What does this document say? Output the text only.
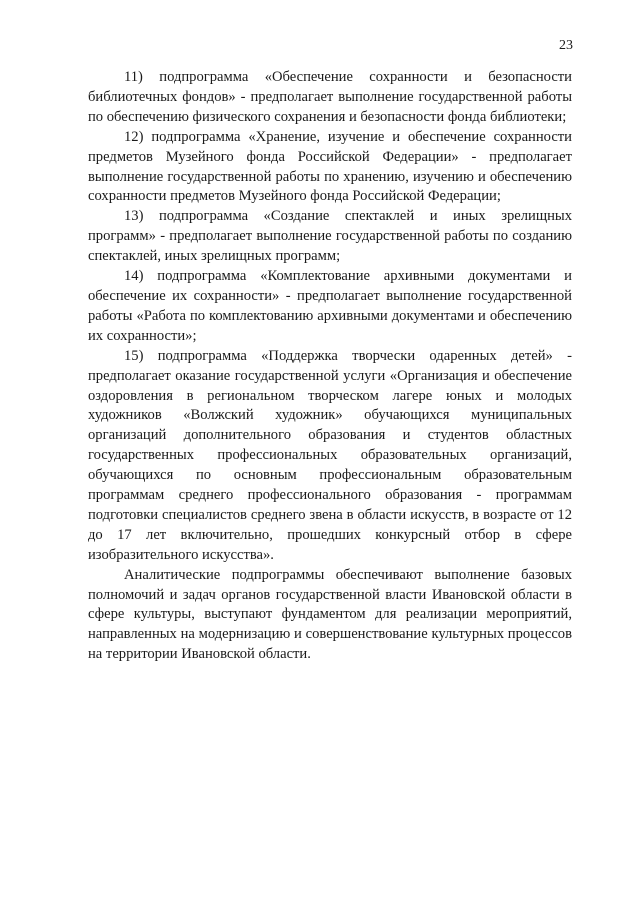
23

11) подпрограмма «Обеспечение сохранности и безопасности библиотечных фондов» - предполагает выполнение государственной работы по обеспечению физического сохранения и безопасности фонда библиотеки;

12) подпрограмма «Хранение, изучение и обеспечение сохранности предметов Музейного фонда Российской Федерации» - предполагает выполнение государственной работы по хранению, изучению и обеспечению сохранности предметов Музейного фонда Российской Федерации;

13) подпрограмма «Создание спектаклей и иных зрелищных программ» - предполагает выполнение государственной работы по созданию спектаклей, иных зрелищных программ;

14) подпрограмма «Комплектование архивными документами и обеспечение их сохранности» - предполагает выполнение государственной работы «Работа по комплектованию архивными документами и обеспечению их сохранности»;

15) подпрограмма «Поддержка творчески одаренных детей» - предполагает оказание государственной услуги «Организация и обеспечение оздоровления в региональном творческом лагере юных и молодых художников «Волжский художник» обучающихся муниципальных организаций дополнительного образования и студентов областных государственных профессиональных образовательных организаций, обучающихся по основным профессиональным образовательным программам среднего профессионального образования - программам подготовки специалистов среднего звена в области искусств, в возрасте от 12 до 17 лет включительно, прошедших конкурсный отбор в сфере изобразительного искусства».

Аналитические подпрограммы обеспечивают выполнение базовых полномочий и задач органов государственной власти Ивановской области в сфере культуры, выступают фундаментом для реализации мероприятий, направленных на модернизацию и совершенствование культурных процессов на территории Ивановской области.
